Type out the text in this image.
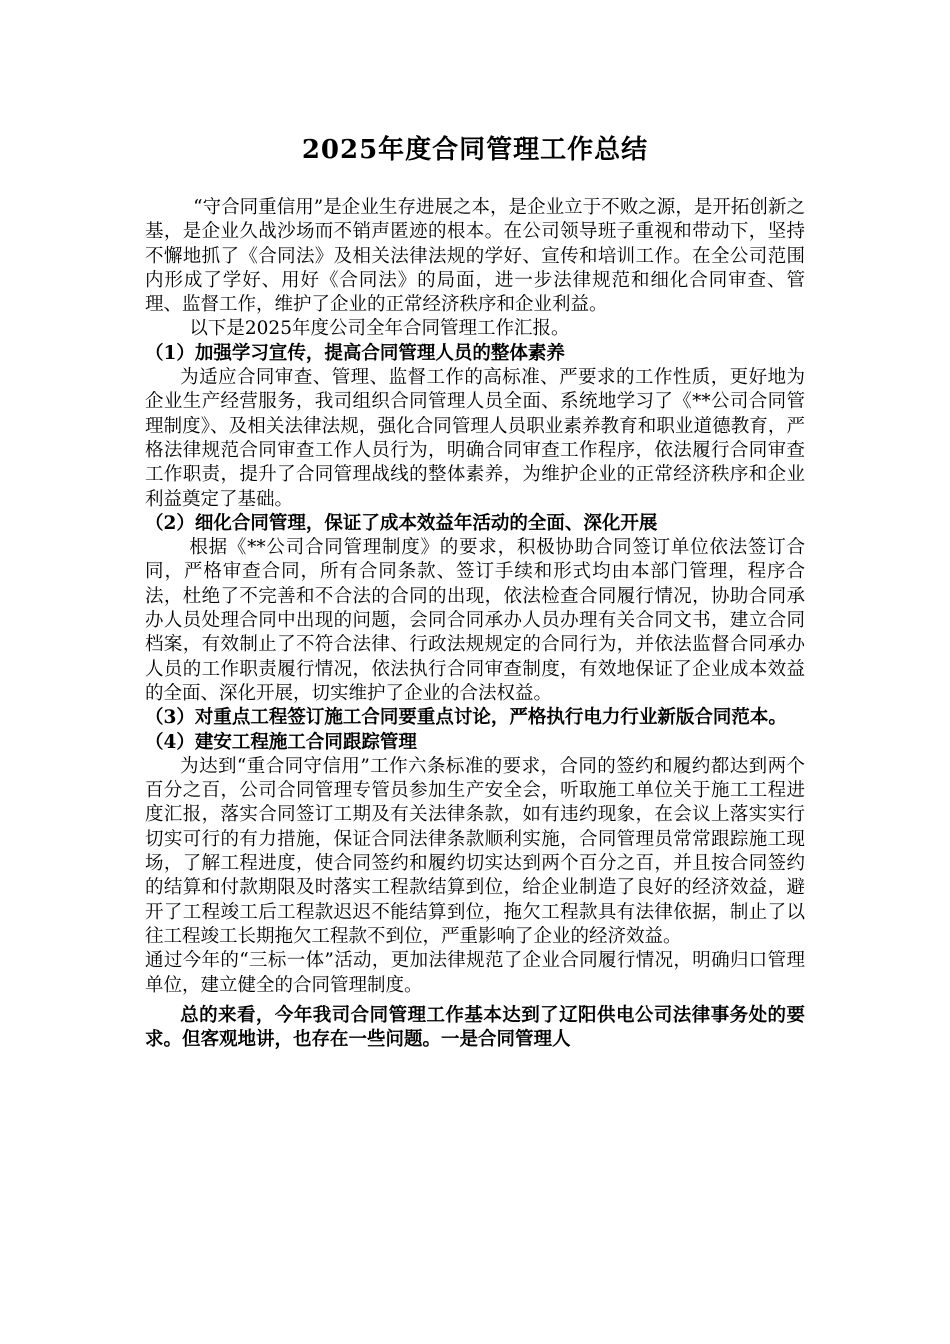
2025年度合同管理工作总结

“守合同重信用”是企业生存进展之本，是企业立于不败之源，是开拓创新之基，是企业久战沙场而不销声匿迹的根本。在公司领导班子重视和带动下，坚持不懈地抓了《合同法》及相关法律法规的学好、宣传和培训工作。在全公司范围内形成了学好、用好《合同法》的局面，进一步法律规范和细化合同审查、管理、监督工作，维护了企业的正常经济秩序和企业利益。

以下是2025年度公司全年合同管理工作汇报。

（1）加强学习宣传，提高合同管理人员的整体素养

为适应合同审查、管理、监督工作的高标准、严要求的工作性质，更好地为企业生产经营服务，我司组织合同管理人员全面、系统地学习了《**公司合同管理制度》、及相关法律法规，强化合同管理人员职业素养教育和职业道德教育，严格法律规范合同审查工作人员行为，明确合同审查工作程序，依法履行合同审查工作职责，提升了合同管理战线的整体素养，为维护企业的正常经济秩序和企业利益奠定了基础。

（2）细化合同管理，保证了成本效益年活动的全面、深化开展

根据《**公司合同管理制度》的要求，积极协助合同签订单位依法签订合同，严格审查合同，所有合同条款、签订手续和形式均由本部门管理，程序合法，杜绝了不完善和不合法的合同的出现，依法检查合同履行情况，协助合同承办人员处理合同中出现的问题，会同合同承办人员办理有关合同文书，建立合同档案，有效制止了不符合法律、行政法规规定的合同行为，并依法监督合同承办人员的工作职责履行情况，依法执行合同审查制度，有效地保证了企业成本效益的全面、深化开展，切实维护了企业的合法权益。

（3）对重点工程签订施工合同要重点讨论，严格执行电力行业新版合同范本。

（4）建安工程施工合同跟踪管理

为达到“重合同守信用”工作六条标准的要求，合同的签约和履约都达到两个百分之百，公司合同管理专管员参加生产安全会，听取施工单位关于施工工程进度汇报，落实合同签订工期及有关法律条款，如有违约现象，在会议上落实实行切实可行的有力措施，保证合同法律条款顺利实施，合同管理员常常跟踪施工现场，了解工程进度，使合同签约和履约切实达到两个百分之百，并且按合同签约的结算和付款期限及时落实工程款结算到位，给企业制造了良好的经济效益，避开了工程竣工后工程款迟迟不能结算到位，拖欠工程款具有法律依据，制止了以往工程竣工长期拖欠工程款不到位，严重影响了企业的经济效益。

通过今年的“三标一体”活动，更加法律规范了企业合同履行情况，明确归口管理单位，建立健全的合同管理制度。

总的来看，今年我司合同管理工作基本达到了辽阳供电公司法律事务处的要求。但客观地讲，也存在一些问题。一是合同管理人
